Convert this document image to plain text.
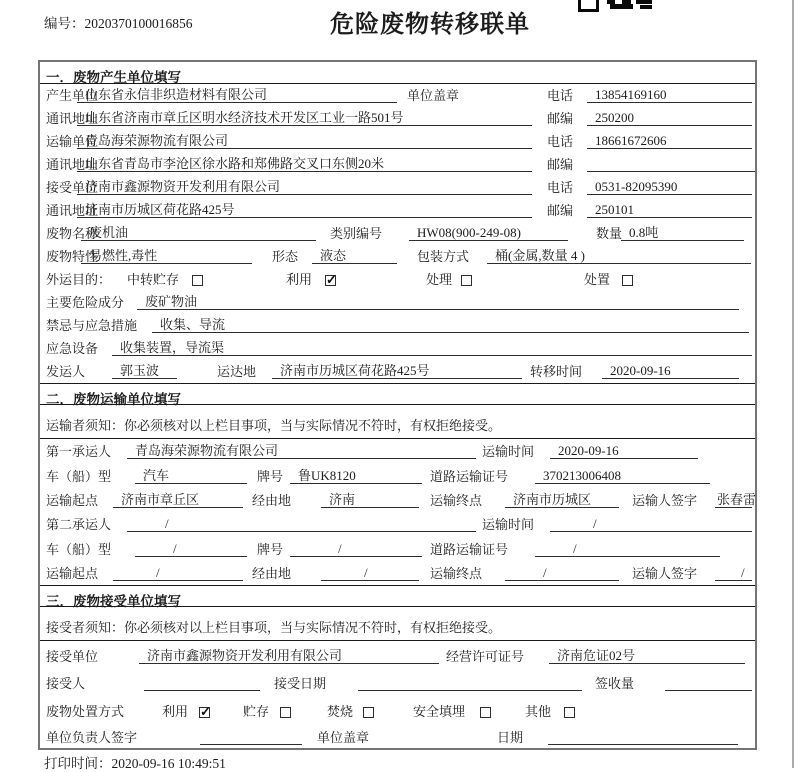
编号：2020370100016856	危险废物转移联单
一．废物产生单位填写
产生单位
山东省永信非织造材料有限公司	单位盖章	电话	13854169160
通讯地址
山东省济南市章丘区明水经济技术开发区工业一路501号	邮编	250200
运输单位
青岛海荣源物流有限公司	电话	18661672606
通讯地址
山东省青岛市李沧区徐水路和郑佛路交叉口东侧20米	邮编
接受单位
济南市鑫源物资开发利用有限公司	电话	0531-82095390
通讯地址
济南市历城区荷花路425号	邮编	250101
废物名称
废机油	类别编号	HW08(900-249-08)	数量 0.8吨
废物特性
易燃性,毒性	形态	液态	包装方式	桶(金属,数量 4 )
外运目的： 中转贮存	利用 ✓	处理	处置
主要危险成分	废矿物油
禁忌与应急措施	收集、导流
应急设备	收集装置，导流渠
发运人	郭玉波	运达地	济南市历城区荷花路425号	转移时间	2020-09-16
二．废物运输单位填写
运输者须知：你必须核对以上栏目事项，当与实际情况不符时，有权拒绝接受。
第一承运人	青岛海荣源物流有限公司	运输时间	2020-09-16
车（船）型	汽车	牌号	鲁UK8120	道路运输证号	370213006408
运输起点	济南市章丘区	经由地	济南	运输终点	济南市历城区	运输人签字 张春雷
第二承运人	/	运输时间	/
车（船）型	/	牌号	/	道路运输证号	/
运输起点	/	经由地	/	运输终点	/	运输人签字	/
三．废物接受单位填写
接受者须知：你必须核对以上栏目事项，当与实际情况不符时，有权拒绝接受。
接受单位	济南市鑫源物资开发利用有限公司	经营许可证号	济南危证02号
接受人	接受日期	签收量
废物处置方式	利用 ✓	贮存	焚烧	安全填埋	其他
单位负责人签字	单位盖章	日期
打印时间：2020-09-16 10:49:51
